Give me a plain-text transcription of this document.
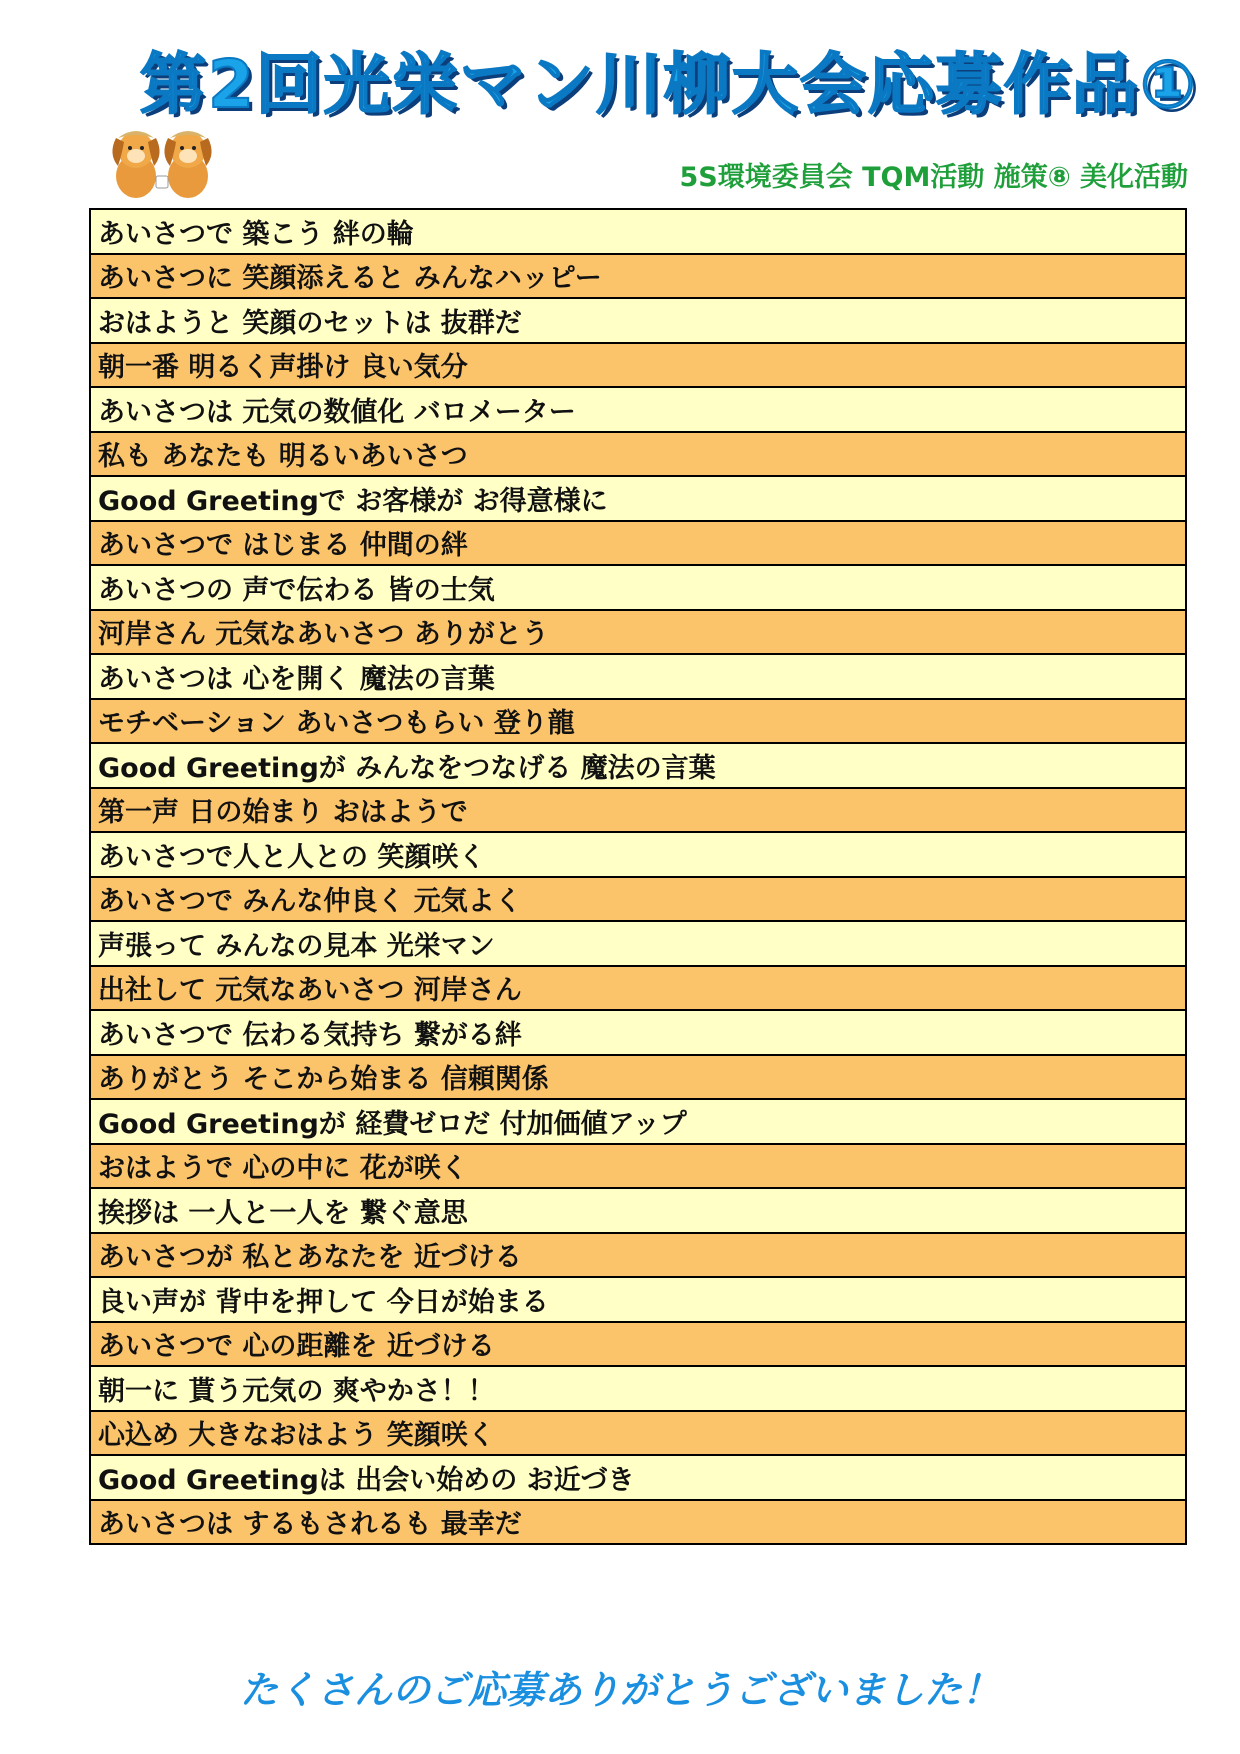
第2回光栄マン川柳大会応募作品①
5S環境委員会 TQM活動 施策⑧ 美化活動
あいさつで 築こう 絆の輪
あいさつに 笑顔添えると みんなハッピー
おはようと 笑顔のセットは 抜群だ
朝一番 明るく声掛け 良い気分
あいさつは 元気の数値化 バロメーター
私も あなたも 明るいあいさつ
Good Greetingで お客様が お得意様に
あいさつで はじまる 仲間の絆
あいさつの 声で伝わる 皆の士気
河岸さん 元気なあいさつ ありがとう
あいさつは 心を開く 魔法の言葉
モチベーション あいさつもらい 登り龍
Good Greetingが みんなをつなげる 魔法の言葉
第一声 日の始まり おはようで
あいさつで人と人との 笑顔咲く
あいさつで みんな仲良く 元気よく
声張って みんなの見本 光栄マン
出社して 元気なあいさつ 河岸さん
あいさつで 伝わる気持ち 繋がる絆
ありがとう そこから始まる 信頼関係
Good Greetingが 経費ゼロだ 付加価値アップ
おはようで 心の中に 花が咲く
挨拶は 一人と一人を 繋ぐ意思
あいさつが 私とあなたを 近づける
良い声が 背中を押して 今日が始まる
あいさつで 心の距離を 近づける
朝一に 貰う元気の 爽やかさ！！
心込め 大きなおはよう 笑顔咲く
Good Greetingは 出会い始めの お近づき
あいさつは するもされるも 最幸だ
たくさんのご応募ありがとうございました！
